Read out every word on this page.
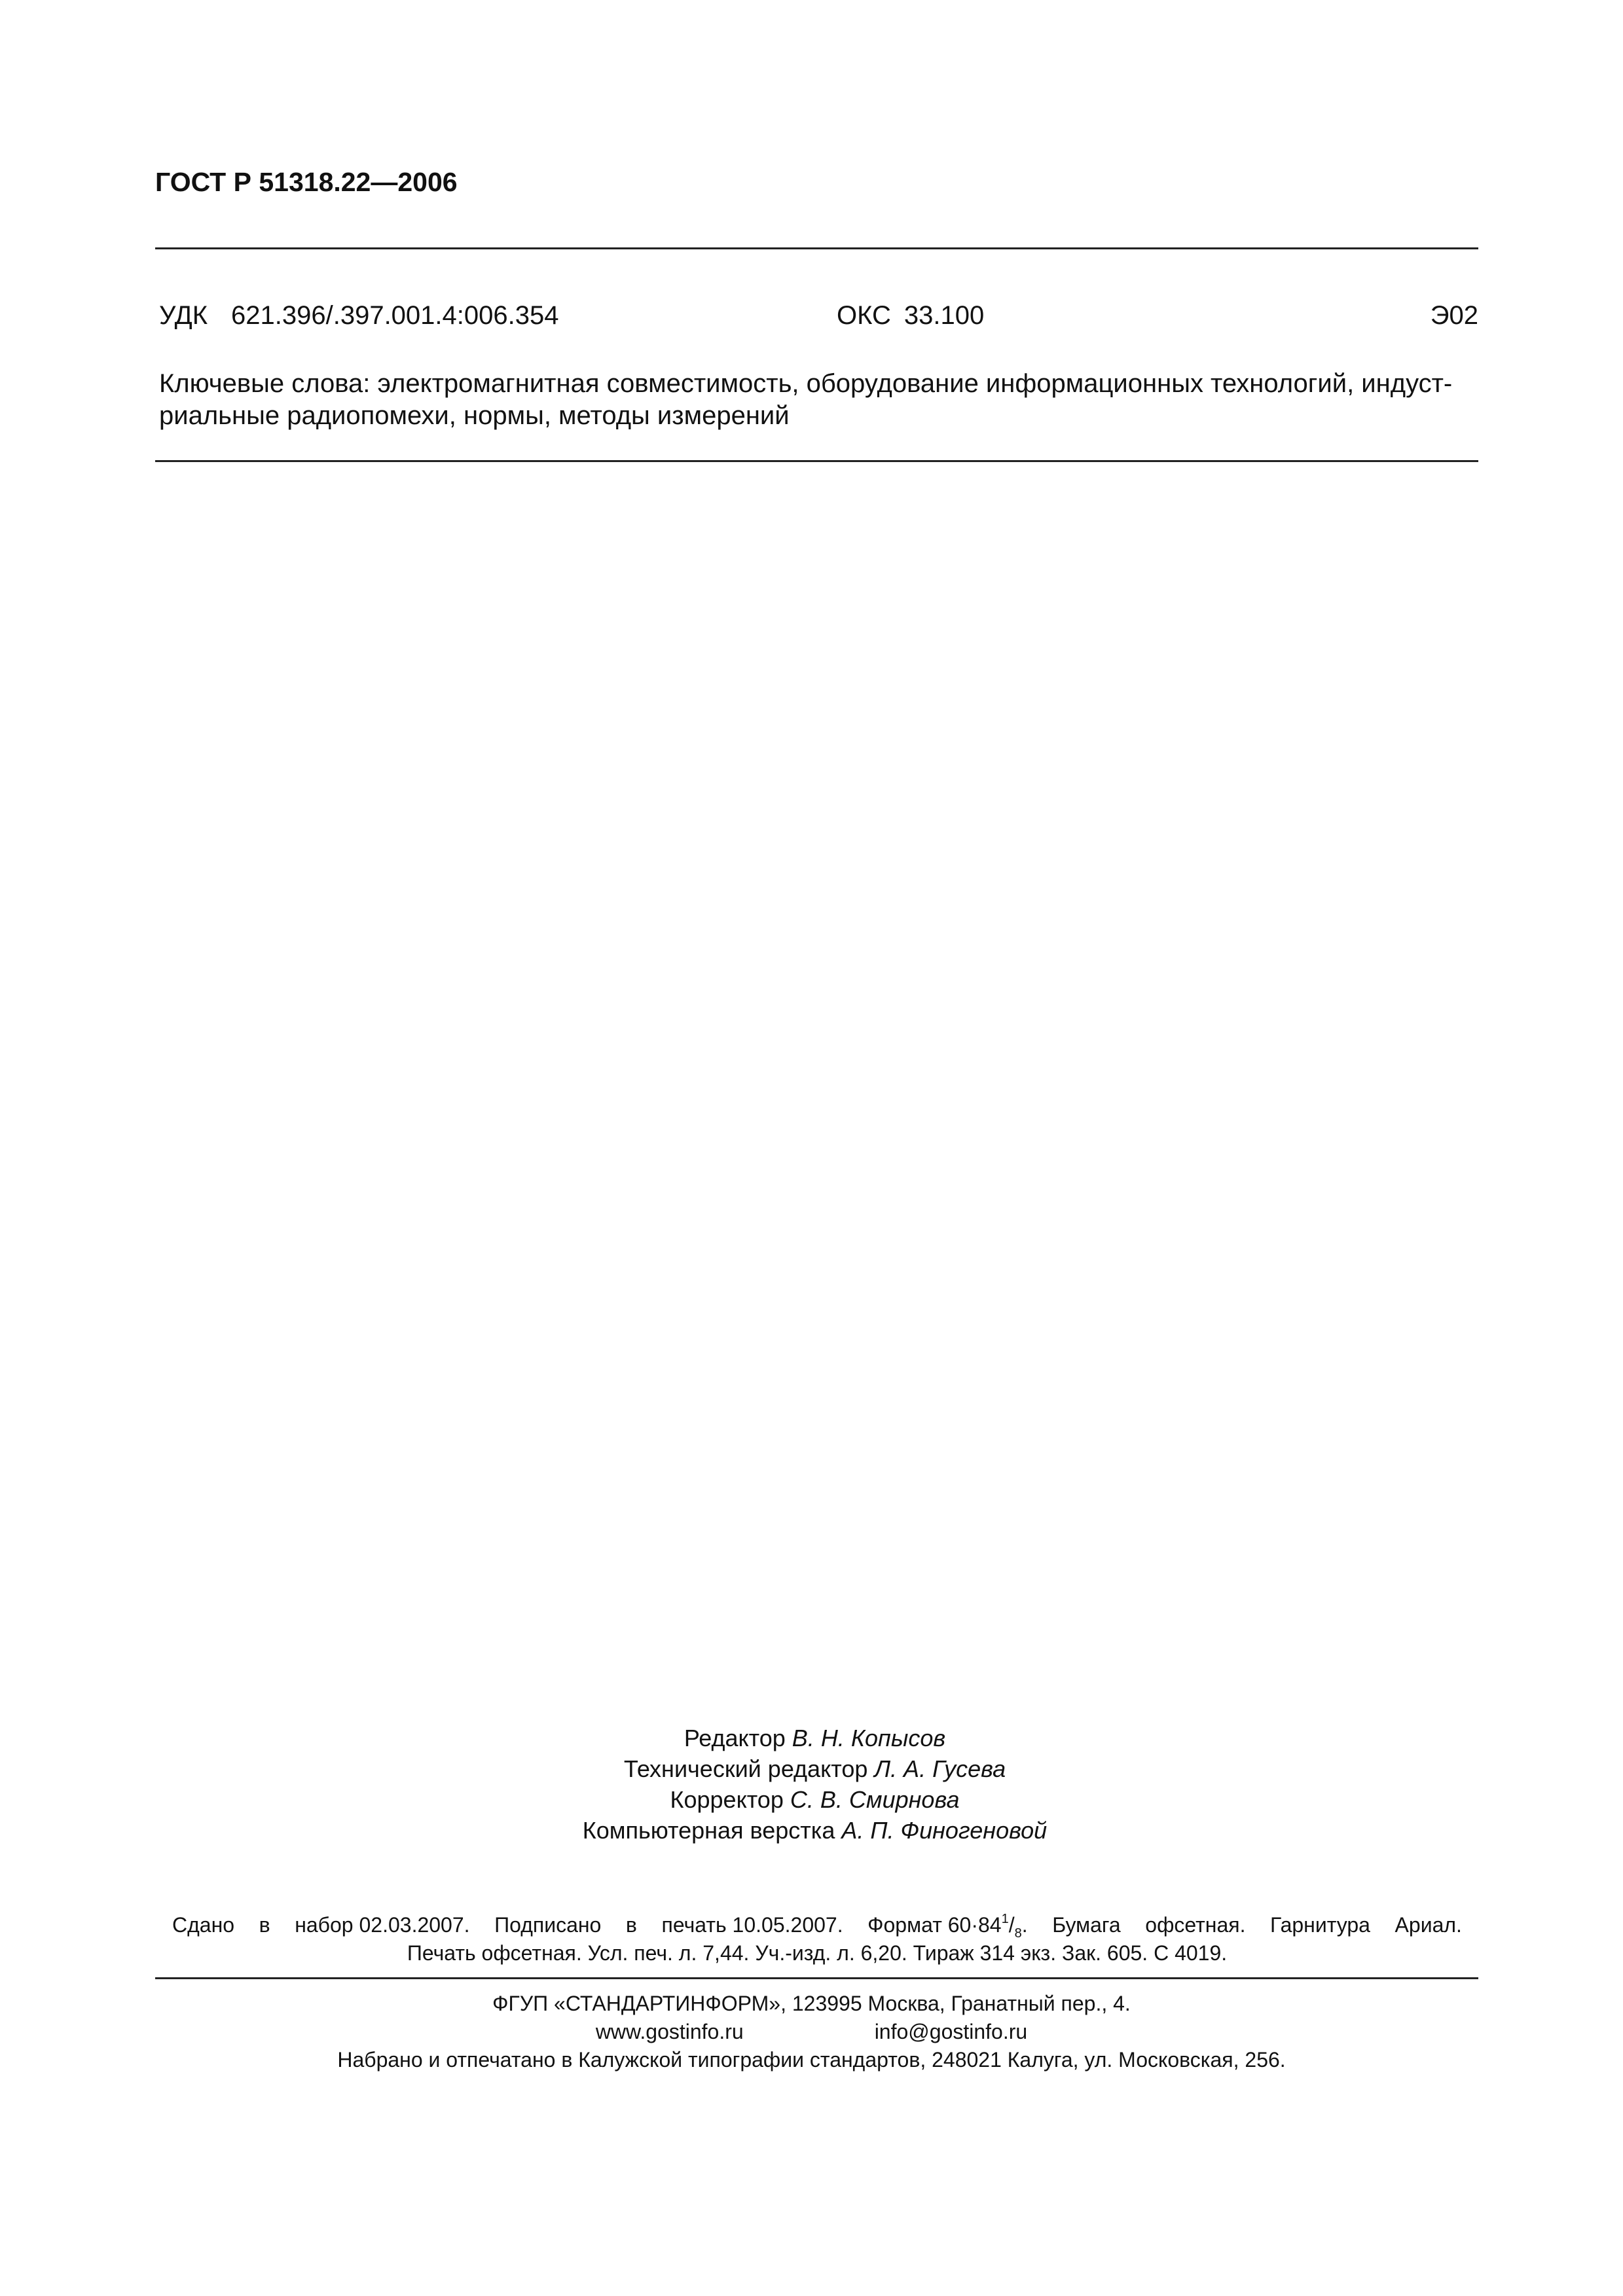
ГОСТ Р 51318.22—2006
УДК 621.396/.397.001.4:006.354	ОКС 33.100	Э02
Ключевые слова: электромагнитная совместимость, оборудование информационных технологий, индуст-
риальные радиопомехи, нормы, методы измерений
Редактор В. Н. Копысов
Технический редактор Л. А. Гусева
Корректор С. В. Смирнова
Компьютерная верстка А. П. Финогеновой
Сдано в набор 02.03.2007. Подписано в печать 10.05.2007. Формат $60\cdot 84^1/_8$. Бумага офсетная. Гарнитура Ариал.
Печать офсетная. Усл. печ. л. 7,44. Уч.-изд. л. 6,20. Тираж 314 экз. Зак. 605. С 4019.
ФГУП «СТАНДАРТИНФОРМ», 123995 Москва, Гранатный пер., 4.
www.gostinfo.ru	info@gostinfo.ru
Набрано и отпечатано в Калужской типографии стандартов, 248021 Калуга, ул. Московская, 256.
